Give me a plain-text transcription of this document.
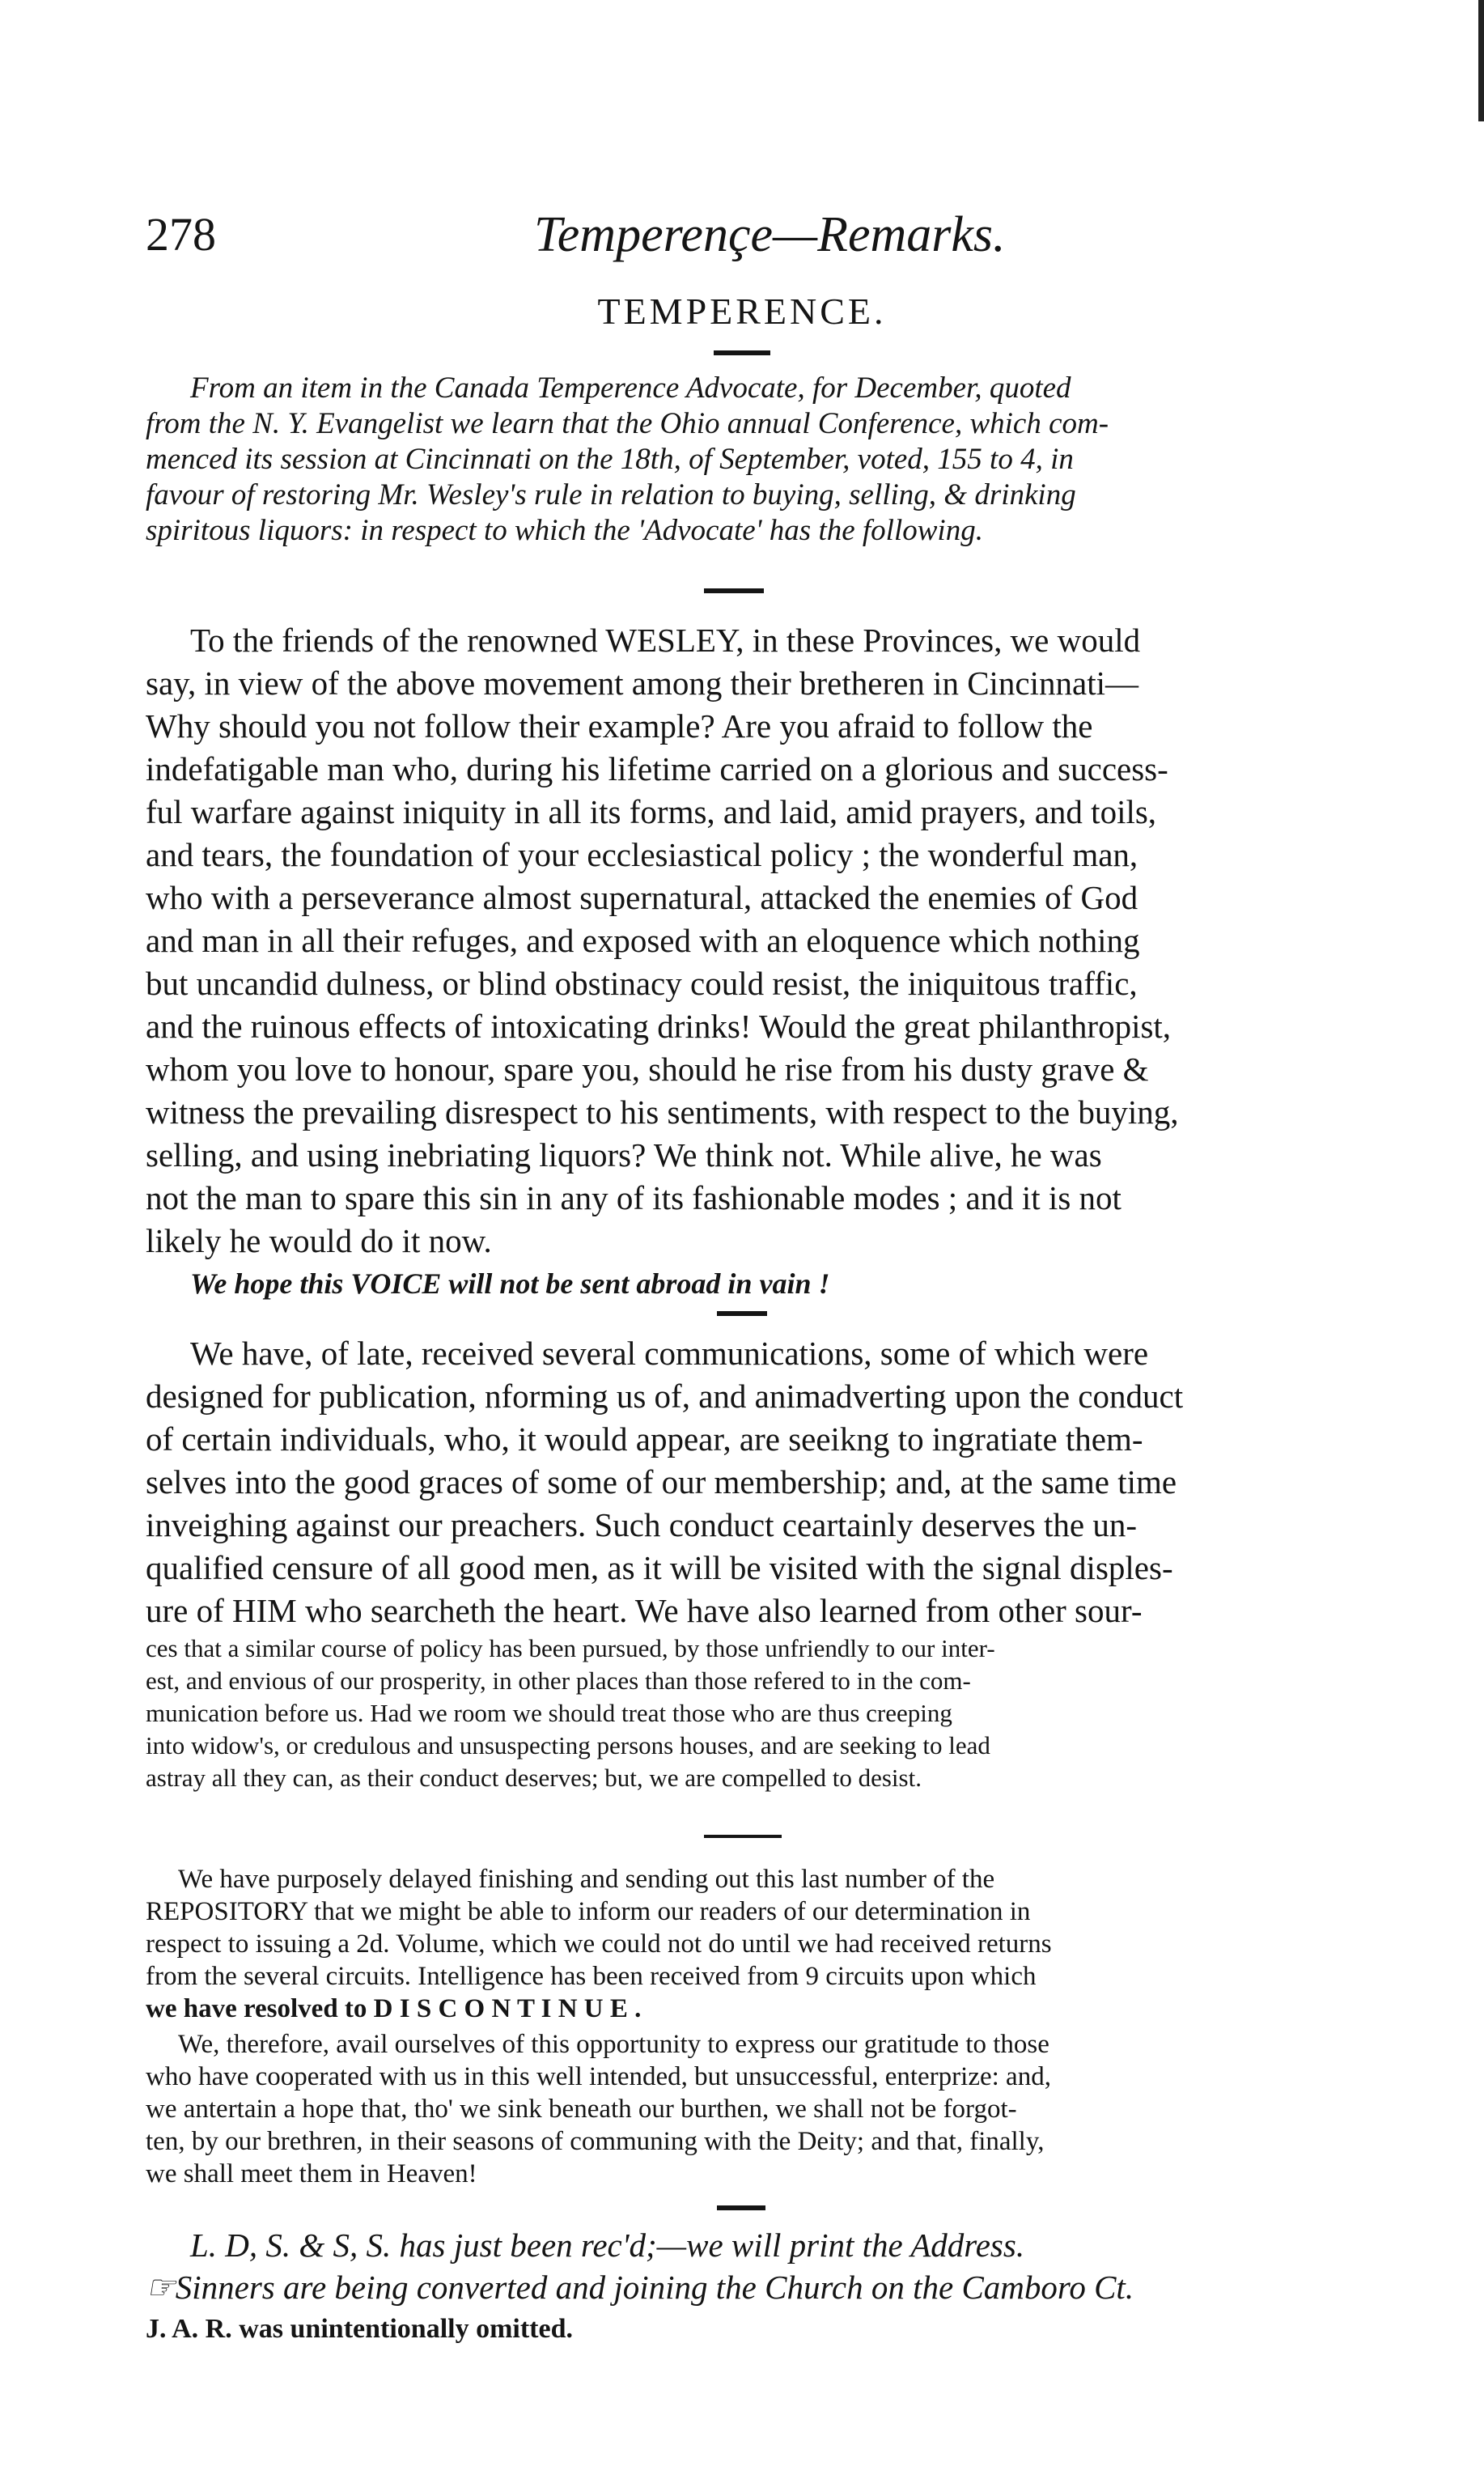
278	Temperençe—Remarks.
TEMPERENCE.
From an item in the Canada Temperence Advocate, for December, quoted
from the N. Y. Evangelist we learn that the Ohio annual Conference, which com-
menced its session at Cincinnati on the 18th, of September, voted, 155 to 4, in
favour of restoring Mr. Wesley's rule in relation to buying, selling, & drinking
spiritous liquors: in respect to which the 'Advocate' has the following.
To the friends of the renowned WESLEY, in these Provinces, we would
say, in view of the above movement among their bretheren in Cincinnati—
Why should you not follow their example? Are you afraid to follow the
indefatigable man who, during his lifetime carried on a glorious and success-
ful warfare against iniquity in all its forms, and laid, amid prayers, and toils,
and tears, the foundation of your ecclesiastical policy ; the wonderful man,
who with a perseverance almost supernatural, attacked the enemies of God
and man in all their refuges, and exposed with an eloquence which nothing
but uncandid dulness, or blind obstinacy could resist, the iniquitous traffic,
and the ruinous effects of intoxicating drinks! Would the great philanthropist,
whom you love to honour, spare you, should he rise from his dusty grave &
witness the prevailing disrespect to his sentiments, with respect to the buying,
selling, and using inebriating liquors? We think not. While alive, he was
not the man to spare this sin in any of its fashionable modes ; and it is not
likely he would do it now.
We hope this VOICE will not be sent abroad in vain !
We have, of late, received several communications, some of which were
designed for publication, nforming us of, and animadverting upon the conduct
of certain individuals, who, it would appear, are seeikng to ingratiate them-
selves into the good graces of some of our membership; and, at the same time
inveighing against our preachers. Such conduct ceartainly deserves the un-
qualified censure of all good men, as it will be visited with the signal disples-
ure of HIM who searcheth the heart. We have also learned from other sour-
ces that a similar course of policy has been pursued, by those unfriendly to our inter-
est, and envious of our prosperity, in other places than those refered to in the com-
munication before us. Had we room we should treat those who are thus creeping
into widow's, or credulous and unsuspecting persons houses, and are seeking to lead
astray all they can, as their conduct deserves; but, we are compelled to desist.
We have purposely delayed finishing and sending out this last number of the
REPOSITORY that we might be able to inform our readers of our determination in
respect to issuing a 2d. Volume, which we could not do until we had received returns
from the several circuits. Intelligence has been received from 9 circuits upon which
we have resolved to D I S C O N T I N U E .
We, therefore, avail ourselves of this opportunity to express our gratitude to those
who have cooperated with us in this well intended, but unsuccessful, enterprize: and,
we antertain a hope that, tho' we sink beneath our burthen, we shall not be forgot-
ten, by our brethren, in their seasons of communing with the Deity; and that, finally,
we shall meet them in Heaven!
L. D, S. & S, S. has just been rec'd;—we will print the Address.
☞Sinners are being converted and joining the Church on the Camboro Ct.
J. A. R. was unintentionally omitted.
